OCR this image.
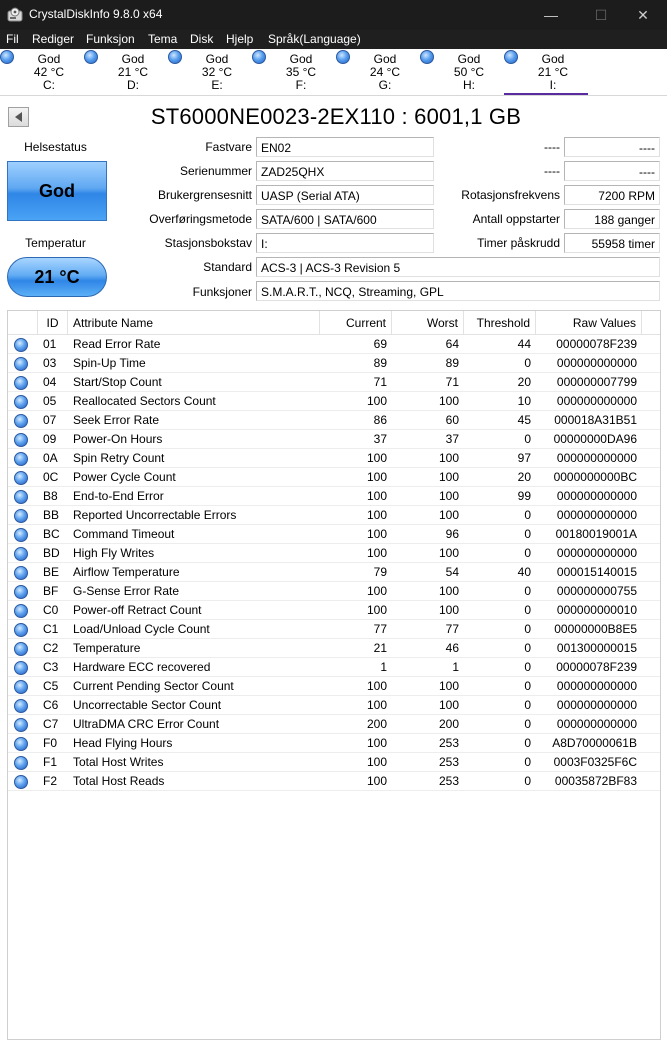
CrystalDiskInfo 9.8.0 x64	—	☐	✕
Fil Rediger Funksjon Tema Disk Hjelp Språk(Language)
God
42 °C
C:
God
21 °C
D:
God
32 °C
E:
God
35 °C
F:
God
24 °C
G:
God
50 °C
H:
God
21 °C
I:
ST6000NE0023-2EX110 : 6001,1 GB
Helsestatus
God
Temperatur
21 °C
Fastvare EN02
Serienummer ZAD25QHX
Brukergrensesnitt UASP (Serial ATA)
Overføringsmetode SATA/600 | SATA/600
Stasjonsbokstav I:
Standard ACS-3 | ACS-3 Revision 5
Funksjoner S.M.A.R.T., NCQ, Streaming, GPL
----	----
----	----
Rotasjonsfrekvens	7200 RPM
Antall oppstarter	188 ganger
Timer påskrudd	55958 timer
ID	Attribute Name	Current	Worst	Threshold	Raw Values
01	Read Error Rate	69	64	44	00000078F239
03	Spin-Up Time	89	89	0	000000000000
04	Start/Stop Count	71	71	20	000000007799
05	Reallocated Sectors Count	100	100	10	000000000000
07	Seek Error Rate	86	60	45	000018A31B51
09	Power-On Hours	37	37	0	00000000DA96
0A	Spin Retry Count	100	100	97	000000000000
0C	Power Cycle Count	100	100	20	0000000000BC
B8	End-to-End Error	100	100	99	000000000000
BB	Reported Uncorrectable Errors	100	100	0	000000000000
BC	Command Timeout	100	96	0	00180019001A
BD	High Fly Writes	100	100	0	000000000000
BE	Airflow Temperature	79	54	40	000015140015
BF	G-Sense Error Rate	100	100	0	000000000755
C0	Power-off Retract Count	100	100	0	000000000010
C1	Load/Unload Cycle Count	77	77	0	00000000B8E5
C2	Temperature	21	46	0	001300000015
C3	Hardware ECC recovered	1	1	0	00000078F239
C5	Current Pending Sector Count	100	100	0	000000000000
C6	Uncorrectable Sector Count	100	100	0	000000000000
C7	UltraDMA CRC Error Count	200	200	0	000000000000
F0	Head Flying Hours	100	253	0	A8D70000061B
F1	Total Host Writes	100	253	0	0003F0325F6C
F2	Total Host Reads	100	253	0	00035872BF83
